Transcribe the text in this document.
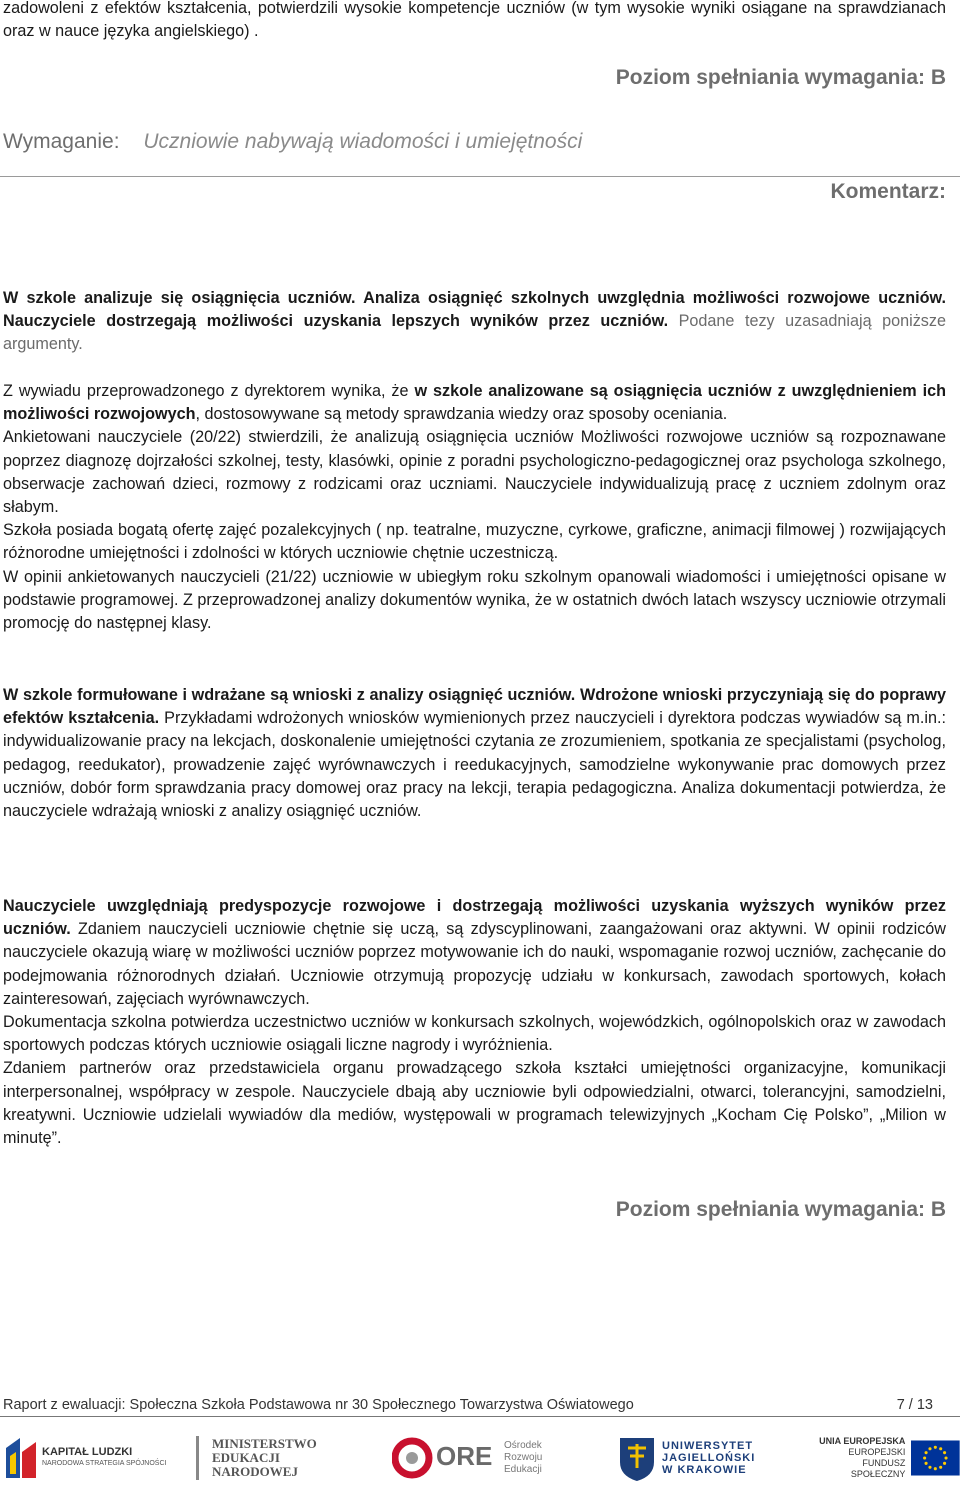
zadowoleni z efektów kształcenia, potwierdzili wysokie kompetencje uczniów (w tym wysokie wyniki osiągane na sprawdzianach oraz w nauce języka angielskiego) .

Poziom spełniania wymagania: B
Wymaganie: Uczniowie nabywają wiadomości i umiejętności
Komentarz:

W szkole analizuje się osiągnięcia uczniów. Analiza osiągnięć szkolnych uwzględnia możliwości rozwojowe uczniów. Nauczyciele dostrzegają możliwości uzyskania lepszych wyników przez uczniów. Podane tezy uzasadniają poniższe argumenty.

Z wywiadu przeprowadzonego z dyrektorem wynika, że w szkole analizowane są osiągnięcia uczniów z uwzględnieniem ich możliwości rozwojowych, dostosowywane są metody sprawdzania wiedzy oraz sposoby oceniania.
Ankietowani nauczyciele (20/22) stwierdzili, że analizują osiągnięcia uczniów Możliwości rozwojowe uczniów są rozpoznawane poprzez diagnozę dojrzałości szkolnej, testy, klasówki, opinie z poradni psychologiczno-pedagogicznej oraz psychologa szkolnego, obserwacje zachowań dzieci, rozmowy z rodzicami oraz uczniami. Nauczyciele indywidualizują pracę z uczniem zdolnym oraz słabym.
Szkoła posiada bogatą ofertę zajęć pozalekcyjnych ( np. teatralne, muzyczne, cyrkowe, graficzne, animacji filmowej ) rozwijających różnorodne umiejętności i zdolności w których uczniowie chętnie uczestniczą.
W opinii ankietowanych nauczycieli (21/22) uczniowie w ubiegłym roku szkolnym opanowali wiadomości i umiejętności opisane w podstawie programowej. Z przeprowadzonej analizy dokumentów wynika, że w ostatnich dwóch latach wszyscy uczniowie otrzymali promocję do następnej klasy.

W szkole formułowane i wdrażane są wnioski z analizy osiągnięć uczniów. Wdrożone wnioski przyczyniają się do poprawy efektów kształcenia. Przykładami wdrożonych wniosków wymienionych przez nauczycieli i dyrektora podczas wywiadów są m.in.: indywidualizowanie pracy na lekcjach, doskonalenie umiejętności czytania ze zrozumieniem, spotkania ze specjalistami (psycholog, pedagog, reedukator), prowadzenie zajęć wyrównawczych i reedukacyjnych, samodzielne wykonywanie prac domowych przez uczniów, dobór form sprawdzania pracy domowej oraz pracy na lekcji, terapia pedagogiczna. Analiza dokumentacji potwierdza, że nauczyciele wdrażają wnioski z analizy osiągnięć uczniów.

Nauczyciele uwzględniają predyspozycje rozwojowe i dostrzegają możliwości uzyskania wyższych wyników przez uczniów. Zdaniem nauczycieli uczniowie chętnie się uczą, są zdyscyplinowani, zaangażowani oraz aktywni. W opinii rodziców nauczyciele okazują wiarę w możliwości uczniów poprzez motywowanie ich do nauki, wspomaganie rozwoj uczniów, zachęcanie do podejmowania różnorodnych działań. Uczniowie otrzymują propozycję udziału w konkursach, zawodach sportowych, kołach zainteresowań, zajęciach wyrównawczych.
Dokumentacja szkolna potwierdza uczestnictwo uczniów w konkursach szkolnych, wojewódzkich, ogólnopolskich oraz w zawodach sportowych podczas których uczniowie osiągali liczne nagrody i wyróżnienia.
Zdaniem partnerów oraz przedstawiciela organu prowadzącego szkoła kształci umiejętności organizacyjne, komunikacji interpersonalnej, współpracy w zespole. Nauczyciele dbają aby uczniowie byli odpowiedzialni, otwarci, tolerancyjni, samodzielni, kreatywni. Uczniowie udzielali wywiadów dla mediów, występowali w programach telewizyjnych „Kocham Cię Polsko”, „Milion w minutę”.

Poziom spełniania wymagania: B
Raport z ewaluacji: Społeczna Szkoła Podstawowa nr 30 Społecznego Towarzystwa Oświatowego	7 / 13
KAPITAŁ LUDZKI
NARODOWA STRATEGIA SPÓJNOŚCI
MINISTERSTWO
EDUKACJI
NARODOWEJ
ORE Ośrodek
Rozwoju
Edukacji
UNIWERSYTET
JAGIELLOŃSKI
W KRAKOWIE
UNIA EUROPEJSKA
EUROPEJSKI
FUNDUSZ SPOŁECZNY
